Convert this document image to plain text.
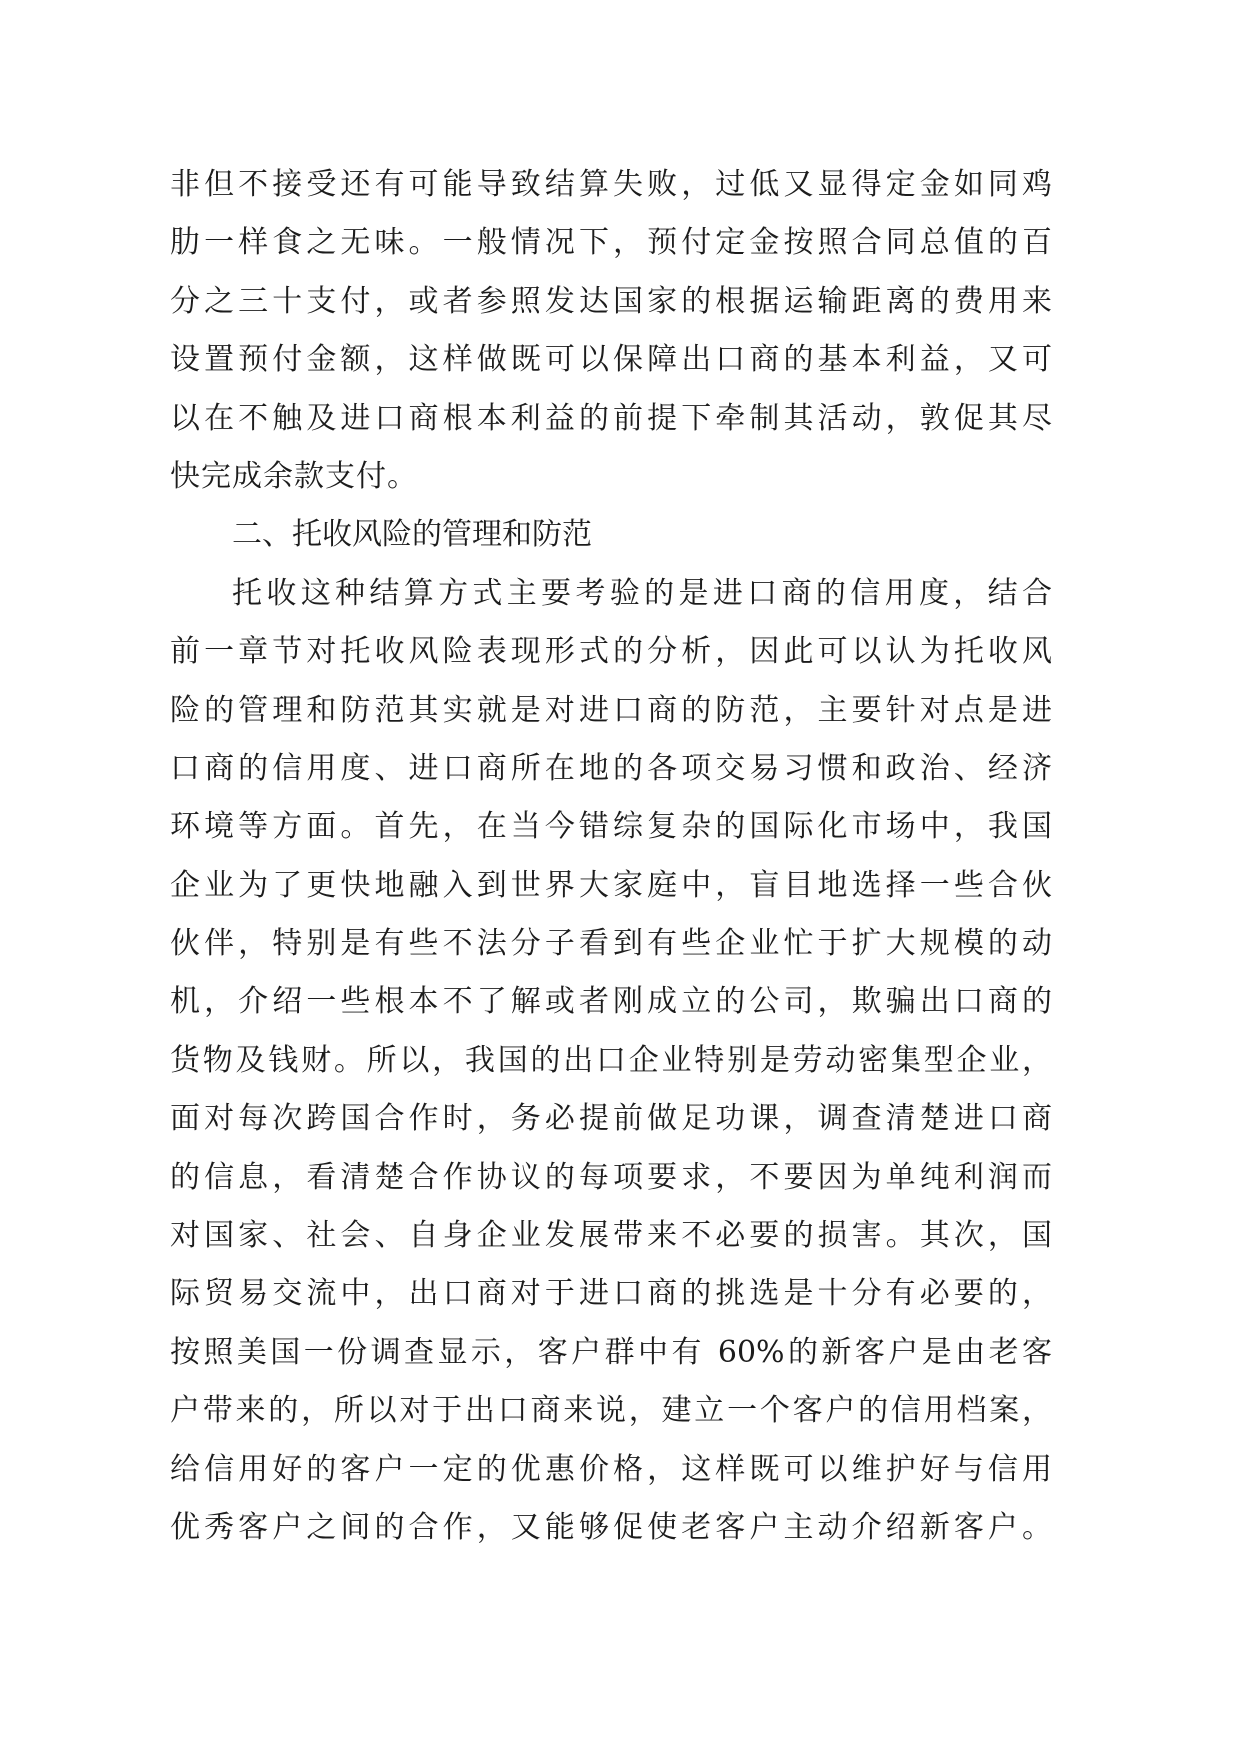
非但不接受还有可能导致结算失败，过低又显得定金如同鸡
肋一样食之无味。一般情况下，预付定金按照合同总值的百
分之三十支付，或者参照发达国家的根据运输距离的费用来
设置预付金额，这样做既可以保障出口商的基本利益，又可
以在不触及进口商根本利益的前提下牵制其活动，敦促其尽
快完成余款支付。
二、托收风险的管理和防范
托收这种结算方式主要考验的是进口商的信用度，结合
前一章节对托收风险表现形式的分析，因此可以认为托收风
险的管理和防范其实就是对进口商的防范，主要针对点是进
口商的信用度、进口商所在地的各项交易习惯和政治、经济
环境等方面。首先，在当今错综复杂的国际化市场中，我国
企业为了更快地融入到世界大家庭中，盲目地选择一些合伙
伙伴，特别是有些不法分子看到有些企业忙于扩大规模的动
机，介绍一些根本不了解或者刚成立的公司，欺骗出口商的
货物及钱财。所以，我国的出口企业特别是劳动密集型企业，
面对每次跨国合作时，务必提前做足功课，调查清楚进口商
的信息，看清楚合作协议的每项要求，不要因为单纯利润而
对国家、社会、自身企业发展带来不必要的损害。其次，国
际贸易交流中，出口商对于进口商的挑选是十分有必要的，
按照美国一份调查显示，客户群中有 60%的新客户是由老客
户带来的，所以对于出口商来说，建立一个客户的信用档案，
给信用好的客户一定的优惠价格，这样既可以维护好与信用
优秀客户之间的合作，又能够促使老客户主动介绍新客户。
